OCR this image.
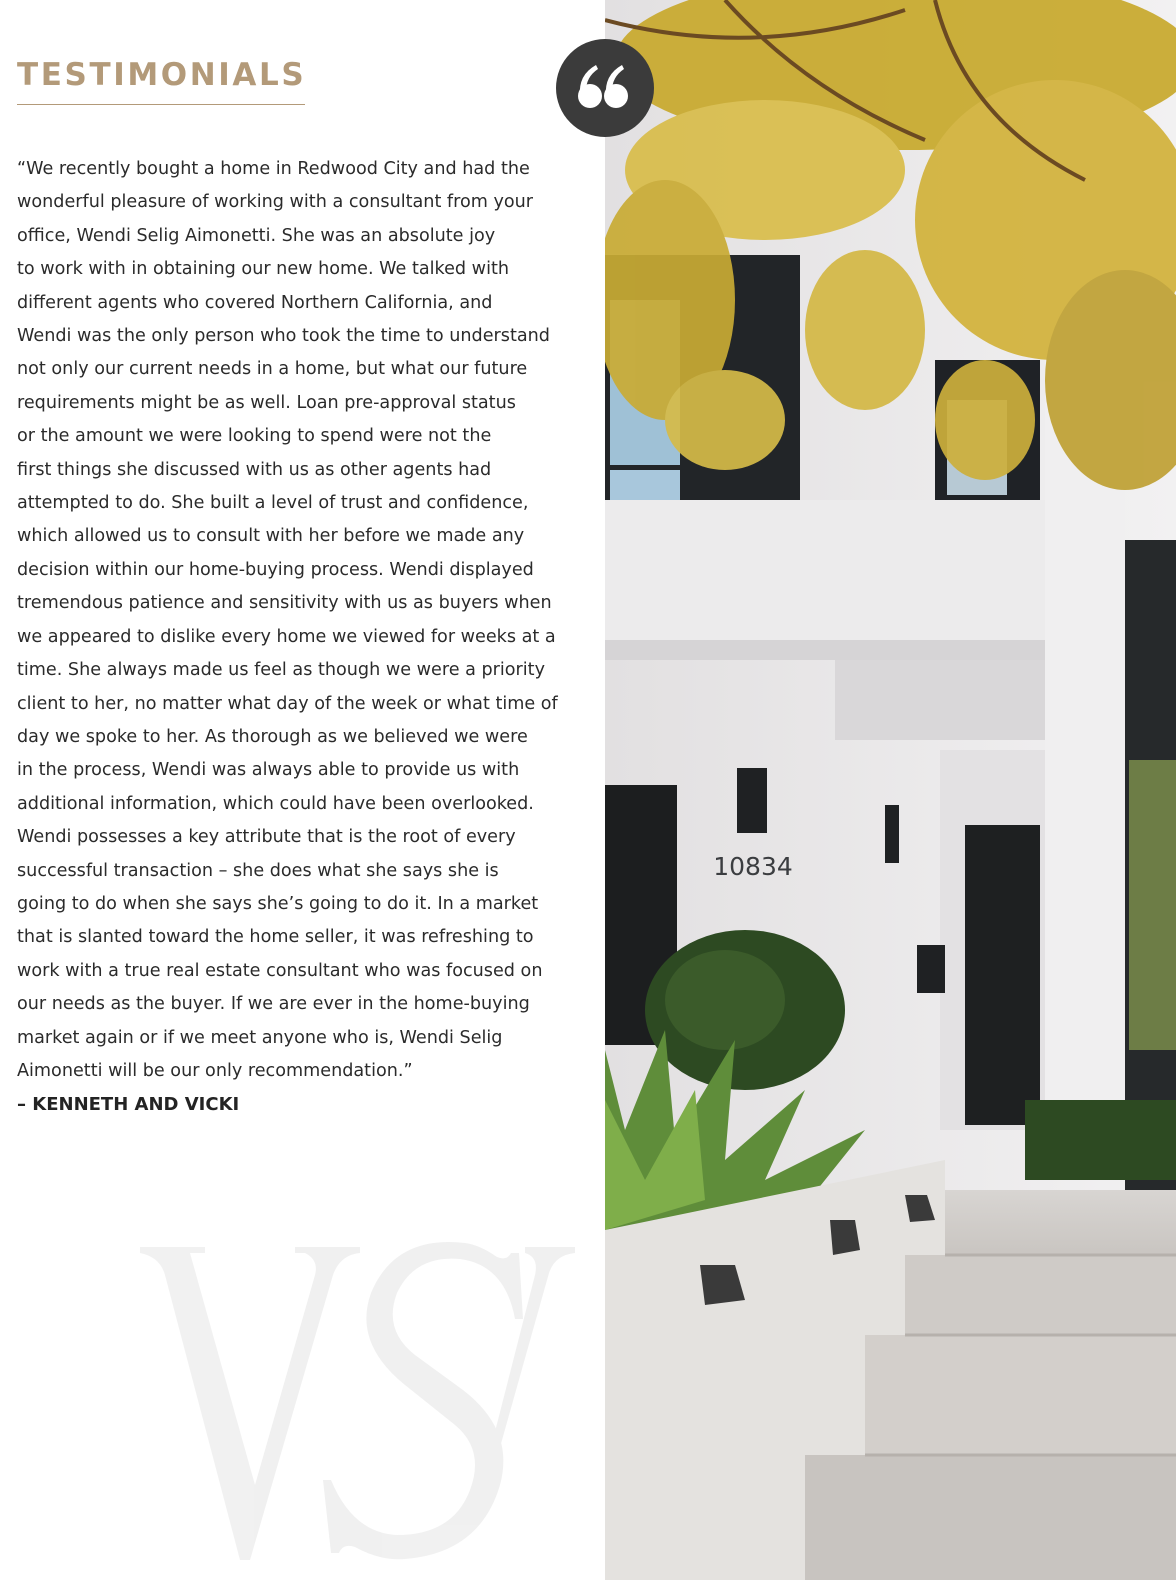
TESTIMONIALS
“We recently bought a home in Redwood City and had the
wonderful pleasure of working with a consultant from your
office, Wendi Selig Aimonetti. She was an absolute joy
to work with in obtaining our new home. We talked with
different agents who covered Northern California, and
Wendi was the only person who took the time to understand
not only our current needs in a home, but what our future
requirements might be as well. Loan pre-approval status
or the amount we were looking to spend were not the
first things she discussed with us as other agents had
attempted to do. She built a level of trust and confidence,
which allowed us to consult with her before we made any
decision within our home-buying process. Wendi displayed
tremendous patience and sensitivity with us as buyers when
we appeared to dislike every home we viewed for weeks at a
time. She always made us feel as though we were a priority
client to her, no matter what day of the week or what time of
day we spoke to her. As thorough as we believed we were
in the process, Wendi was always able to provide us with
additional information, which could have been overlooked.
Wendi possesses a key attribute that is the root of every
successful transaction – she does what she says she is
going to do when she says she’s going to do it. In a market
that is slanted toward the home seller, it was refreshing to
work with a true real estate consultant who was focused on
our needs as the buyer. If we are ever in the home-buying
market again or if we meet anyone who is, Wendi Selig
Aimonetti will be our only recommendation.”
– KENNETH AND VICKI
10834
